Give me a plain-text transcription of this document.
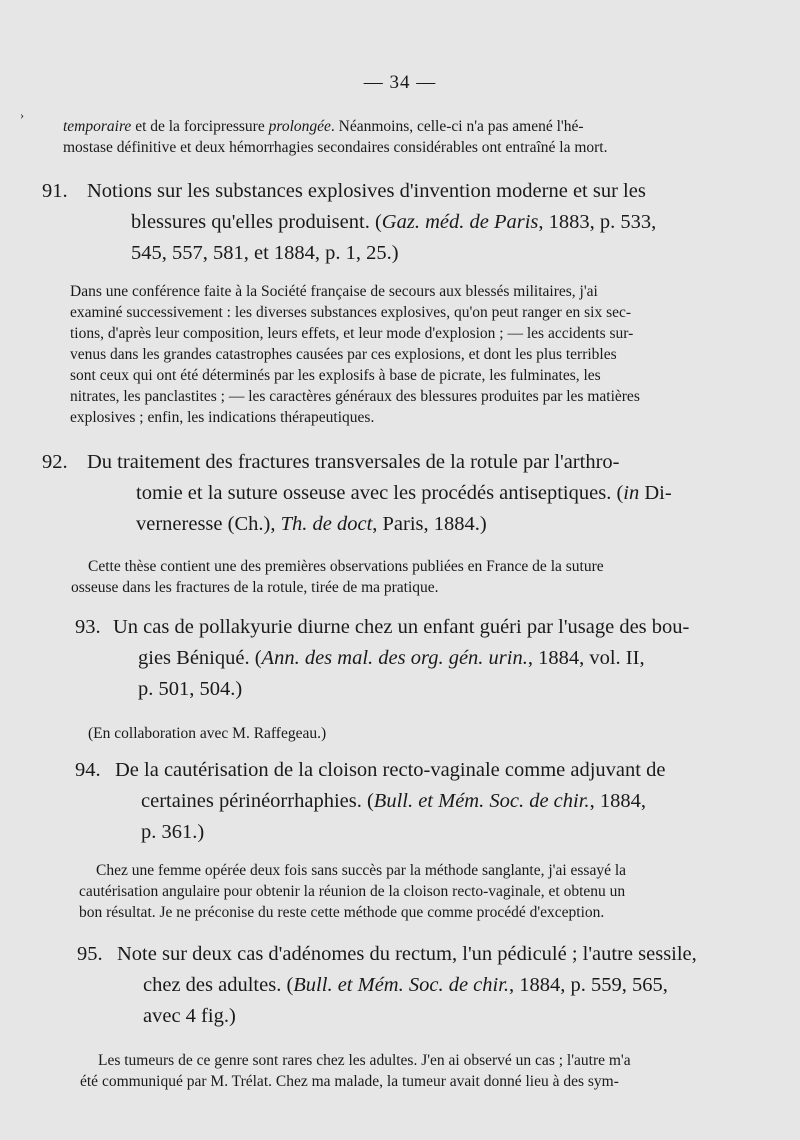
›
— 34 —
temporaire et de la forcipressure prolongée. Néanmoins, celle-ci n'a pas amené l'hé-
mostase définitive et deux hémorrhagies secondaires considérables ont entraîné la mort.
91. Notions sur les substances explosives d'invention moderne et sur les
blessures qu'elles produisent. (Gaz. méd. de Paris, 1883, p. 533,
545, 557, 581, et 1884, p. 1, 25.)
Dans une conférence faite à la Société française de secours aux blessés militaires, j'ai
examiné successivement : les diverses substances explosives, qu'on peut ranger en six sec-
tions, d'après leur composition, leurs effets, et leur mode d'explosion ; — les accidents sur-
venus dans les grandes catastrophes causées par ces explosions, et dont les plus terribles
sont ceux qui ont été déterminés par les explosifs à base de picrate, les fulminates, les
nitrates, les panclastites ; — les caractères généraux des blessures produites par les matières
explosives ; enfin, les indications thérapeutiques.
92. Du traitement des fractures transversales de la rotule par l'arthro-
tomie et la suture osseuse avec les procédés antiseptiques. (in Di-
verneresse (Ch.), Th. de doct, Paris, 1884.)
Cette thèse contient une des premières observations publiées en France de la suture
osseuse dans les fractures de la rotule, tirée de ma pratique.
93. Un cas de pollakyurie diurne chez un enfant guéri par l'usage des bou-
gies Béniqué. (Ann. des mal. des org. gén. urin., 1884, vol. II,
p. 501, 504.)
(En collaboration avec M. Raffegeau.)
94. De la cautérisation de la cloison recto-vaginale comme adjuvant de
certaines périnéorrhaphies. (Bull. et Mém. Soc. de chir., 1884,
p. 361.)
Chez une femme opérée deux fois sans succès par la méthode sanglante, j'ai essayé la
cautérisation angulaire pour obtenir la réunion de la cloison recto-vaginale, et obtenu un
bon résultat. Je ne préconise du reste cette méthode que comme procédé d'exception.
95. Note sur deux cas d'adénomes du rectum, l'un pédiculé ; l'autre sessile,
chez des adultes. (Bull. et Mém. Soc. de chir., 1884, p. 559, 565,
avec 4 fig.)
Les tumeurs de ce genre sont rares chez les adultes. J'en ai observé un cas ; l'autre m'a
été communiqué par M. Trélat. Chez ma malade, la tumeur avait donné lieu à des sym-
